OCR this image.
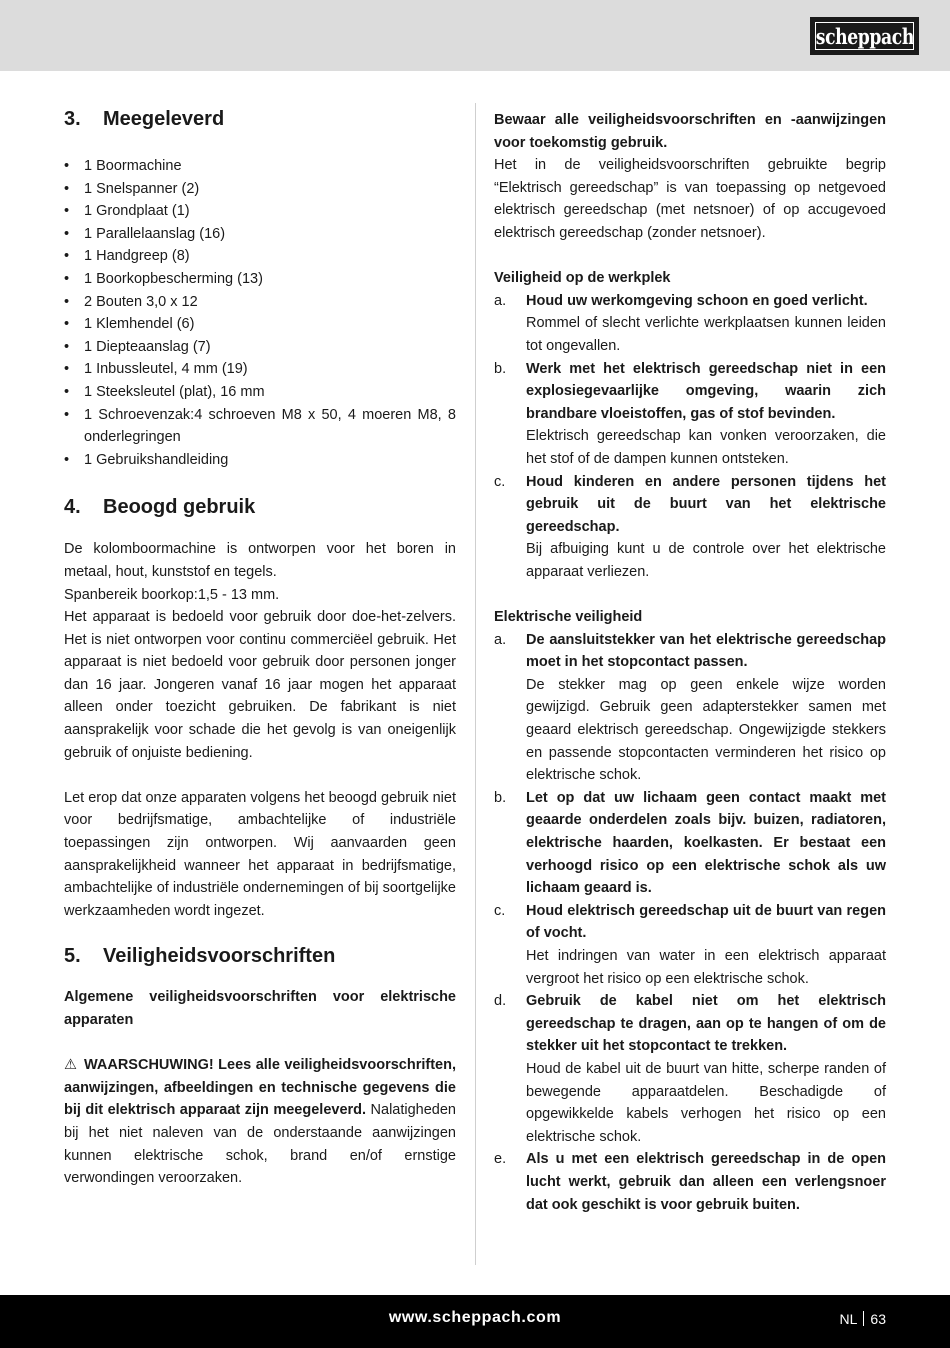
scheppach
3.	Meegeleverd
• 1 Boormachine
• 1 Snelspanner (2)
• 1 Grondplaat (1)
• 1 Parallelaanslag (16)
• 1 Handgreep (8)
• 1 Boorkopbescherming (13)
• 2 Bouten 3,0 x 12
• 1 Klemhendel (6)
• 1 Diepteaanslag (7)
• 1 Inbussleutel, 4 mm (19)
• 1 Steeksleutel (plat), 16 mm
• 1 Schroevenzak:4 schroeven M8 x 50, 4 moeren M8, 8 onderlegringen
• 1 Gebruikshandleiding
4.	Beoogd gebruik

De kolomboormachine is ontworpen voor het boren in metaal, hout, kunststof en tegels.

Spanbereik boorkop:1,5 - 13 mm.

Het apparaat is bedoeld voor gebruik door doe-het-zelvers. Het is niet ontworpen voor continu commerciëel gebruik. Het apparaat is niet bedoeld voor gebruik door personen jonger dan 16 jaar. Jongeren vanaf 16 jaar mogen het apparaat alleen onder toezicht gebruiken. De fabrikant is niet aansprakelijk voor schade die het gevolg is van oneigenlijk gebruik of onjuiste bediening.

Let erop dat onze apparaten volgens het beoogd gebruik niet voor bedrijfsmatige, ambachtelijke of industriële toepassingen zijn ontworpen. Wij aanvaarden geen aansprakelijkheid wanneer het apparaat in bedrijfsmatige, ambachtelijke of industriële ondernemingen of bij soortgelijke werkzaamheden wordt ingezet.

5.	Veiligheidsvoorschriften

Algemene veiligheidsvoorschriften voor elektrische apparaten

⚠ WAARSCHUWING! Lees alle veiligheidsvoorschriften, aanwijzingen, afbeeldingen en technische gegevens die bij dit elektrisch apparaat zijn meegeleverd. Nalatigheden bij het niet naleven van de onderstaande aanwijzingen kunnen elektrische schok, brand en/of ernstige verwondingen veroorzaken.

Bewaar alle veiligheidsvoorschriften en -aanwijzingen voor toekomstig gebruik.

Het in de veiligheidsvoorschriften gebruikte begrip “Elektrisch gereedschap” is van toepassing op netgevoed elektrisch gereedschap (met netsnoer) of op accugevoed elektrisch gereedschap (zonder netsnoer).

Veiligheid op de werkplek

a.	Houd uw werkomgeving schoon en goed verlicht.

Rommel of slecht verlichte werkplaatsen kunnen leiden tot ongevallen.

b.	Werk met het elektrisch gereedschap niet in een explosiegevaarlijke omgeving, waarin zich brandbare vloeistoffen, gas of stof bevinden.

Elektrisch gereedschap kan vonken veroorzaken, die het stof of de dampen kunnen ontsteken.

c.	Houd kinderen en andere personen tijdens het gebruik uit de buurt van het elektrische gereedschap.

Bij afbuiging kunt u de controle over het elektrische apparaat verliezen.

Elektrische veiligheid

a.	De aansluitstekker van het elektrische gereedschap moet in het stopcontact passen.

De stekker mag op geen enkele wijze worden gewijzigd. Gebruik geen adapterstekker samen met geaard elektrisch gereedschap. Ongewijzigde stekkers en passende stopcontacten verminderen het risico op elektrische schok.

b.	Let op dat uw lichaam geen contact maakt met geaarde onderdelen zoals bijv. buizen, radiatoren, elektrische haarden, koelkasten. Er bestaat een verhoogd risico op een elektrische schok als uw lichaam geaard is.

c.	Houd elektrisch gereedschap uit de buurt van regen of vocht.

Het indringen van water in een elektrisch apparaat vergroot het risico op een elektrische schok.

d.	Gebruik de kabel niet om het elektrisch gereedschap te dragen, aan op te hangen of om de stekker uit het stopcontact te trekken.

Houd de kabel uit de buurt van hitte, scherpe randen of bewegende apparaatdelen. Beschadigde of opgewikkelde kabels verhogen het risico op een elektrische schok.

e.	Als u met een elektrisch gereedschap in de open lucht werkt, gebruik dan alleen een verlengsnoer dat ook geschikt is voor gebruik buiten.

www.scheppach.com	NL 63
